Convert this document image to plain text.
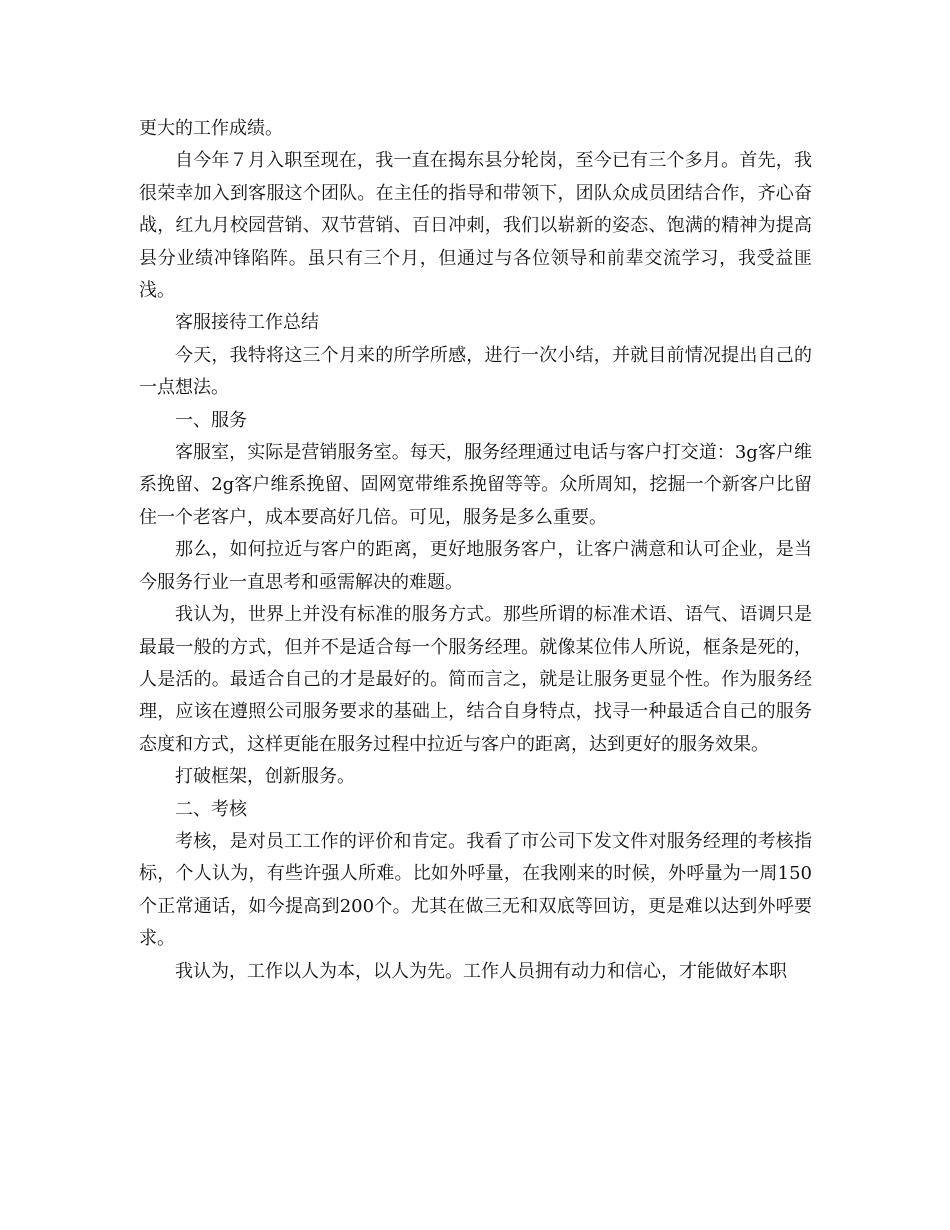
更大的工作成绩。

自今年７月入职至现在，我一直在揭东县分轮岗，至今已有三个多月。首先，我很荣幸加入到客服这个团队。在主任的指导和带领下，团队众成员团结合作，齐心奋战，红九月校园营销、双节营销、百日冲刺，我们以崭新的姿态、饱满的精神为提高县分业绩冲锋陷阵。虽只有三个月，但通过与各位领导和前辈交流学习，我受益匪浅。

客服接待工作总结

今天，我特将这三个月来的所学所感，进行一次小结，并就目前情况提出自己的一点想法。

一、服务

客服室，实际是营销服务室。每天，服务经理通过电话与客户打交道：3g客户维系挽留、2g客户维系挽留、固网宽带维系挽留等等。众所周知，挖掘一个新客户比留住一个老客户，成本要高好几倍。可见，服务是多么重要。

那么，如何拉近与客户的距离，更好地服务客户，让客户满意和认可企业，是当今服务行业一直思考和亟需解决的难题。

我认为，世界上并没有标准的服务方式。那些所谓的标准术语、语气、语调只是最最一般的方式，但并不是适合每一个服务经理。就像某位伟人所说，框条是死的，人是活的。最适合自己的才是最好的。简而言之，就是让服务更显个性。作为服务经理，应该在遵照公司服务要求的基础上，结合自身特点，找寻一种最适合自己的服务态度和方式，这样更能在服务过程中拉近与客户的距离，达到更好的服务效果。

打破框架，创新服务。

二、考核

考核，是对员工工作的评价和肯定。我看了市公司下发文件对服务经理的考核指标，个人认为，有些许强人所难。比如外呼量，在我刚来的时候，外呼量为一周150个正常通话，如今提高到200个。尤其在做三无和双底等回访，更是难以达到外呼要求。

我认为，工作以人为本，以人为先。工作人员拥有动力和信心，才能做好本职
